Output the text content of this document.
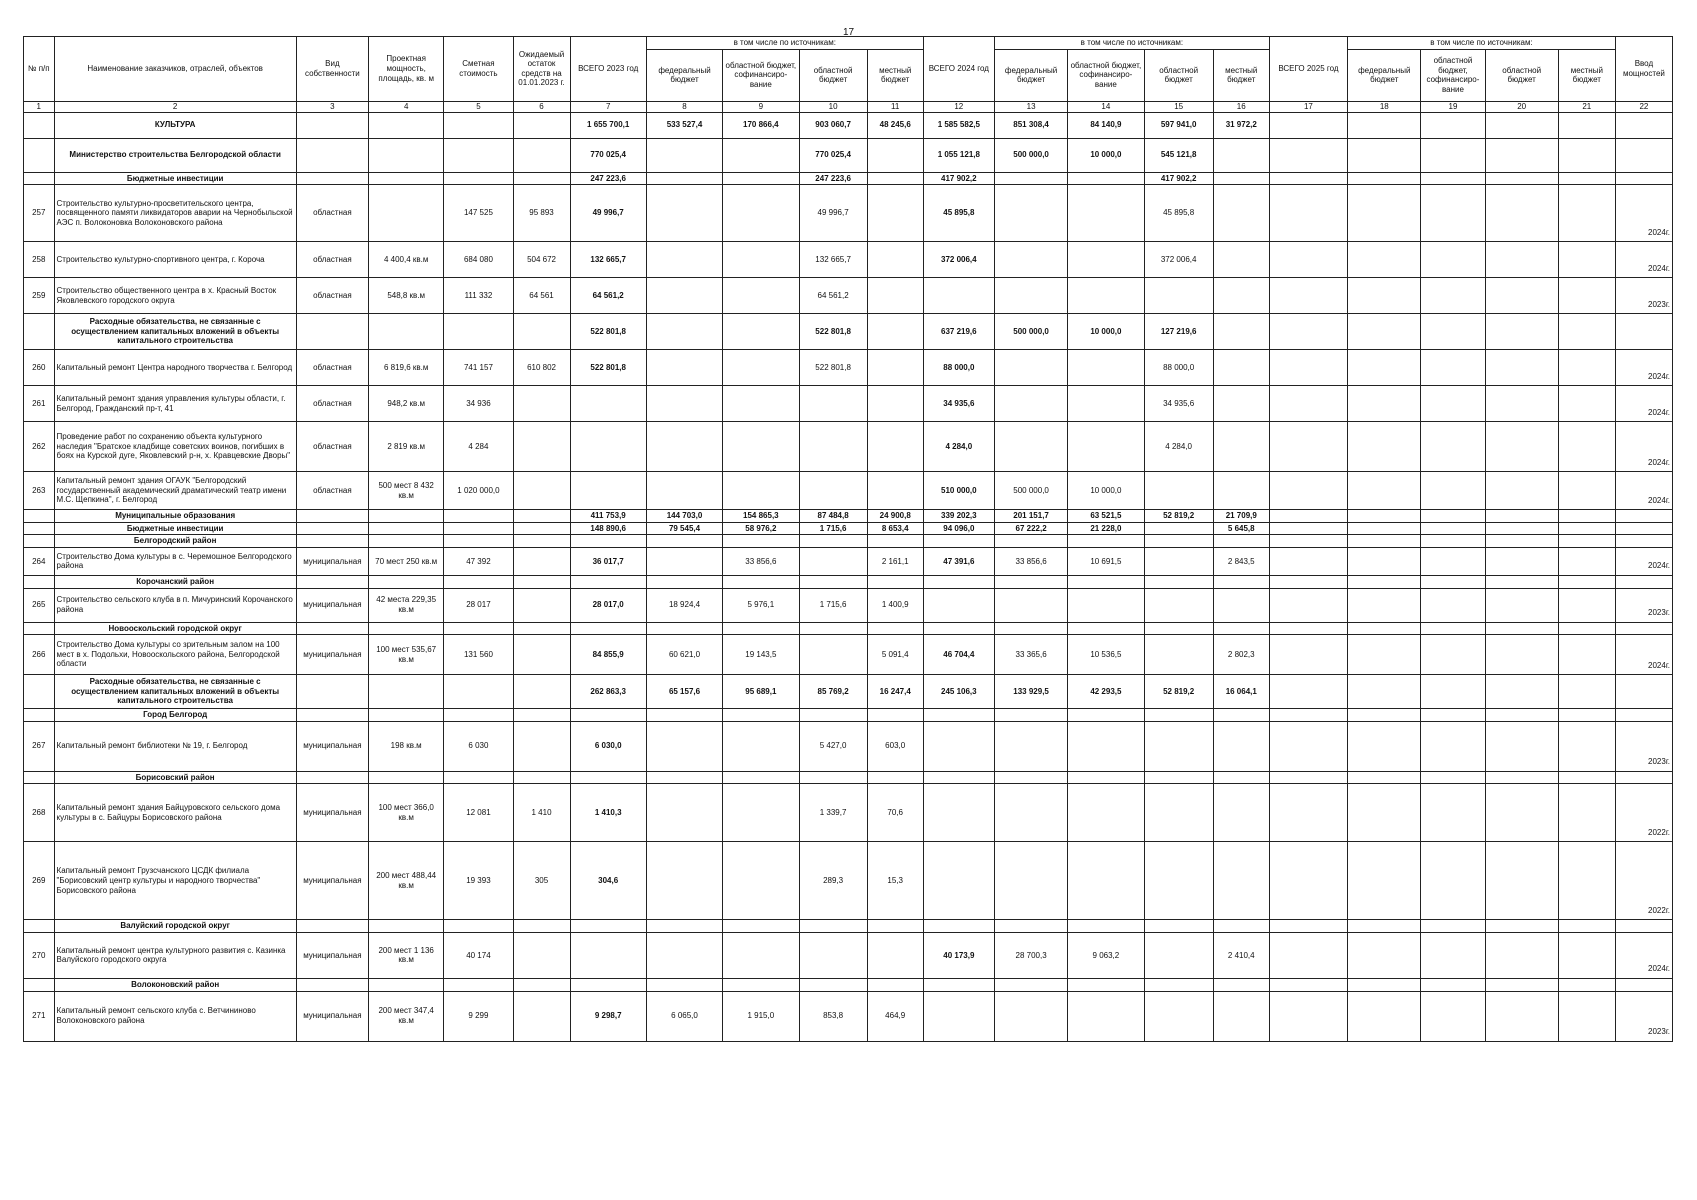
17
№ п/п	Наименование заказчиков, отраслей, объектов	Вид собственности	Проектная мощность, площадь, кв. м	Сметная стоимость	Ожидаемый остаток средств на 01.01.2023 г.	ВСЕГО 2023 год	в том числе по источникам:				ВСЕГО 2024 год	в том числе по источникам:				ВСЕГО 2025 год	в том числе по источникам:				Ввод мощностей
							федеральный бюджет	областной бюджет, софинансиро-вание	областной бюджет	местный бюджет		федеральный бюджет	областной бюджет, софинансиро-вание	областной бюджет	местный бюджет		федеральный бюджет	областной бюджет, софинансиро-вание	областной бюджет	местный бюджет	
1	2	3	4	5	6	7	8	9	10	11	12	13	14	15	16	17	18	19	20	21	22
	КУЛЬТУРА					1 655 700,1	533 527,4	170 866,4	903 060,7	48 245,6	1 585 582,5	851 308,4	84 140,9	597 941,0	31 972,2						
	Министерство строительства Белгородской области					770 025,4			770 025,4		1 055 121,8	500 000,0	10 000,0	545 121,8							
	Бюджетные инвестиции					247 223,6			247 223,6		417 902,2			417 902,2							
257	Строительство культурно-просветительского центра, посвященного памяти ликвидаторов аварии на Чернобыльской АЭС п. Волоконовка Волоконовского района	областная		147 525	95 893	49 996,7			49 996,7		45 895,8			45 895,8							2024г.
258	Строительство культурно-спортивного центра, г. Короча	областная	4 400,4 кв.м	684 080	504 672	132 665,7			132 665,7		372 006,4			372 006,4							2024г.
259	Строительство общественного центра в х. Красный Восток Яковлевского городского округа	областная	548,8 кв.м	111 332	64 561	64 561,2			64 561,2												2023г.
	Расходные обязательства, не связанные с осуществлением капитальных вложений в объекты капитального строительства					522 801,8			522 801,8		637 219,6	500 000,0	10 000,0	127 219,6							
260	Капитальный ремонт Центра народного творчества г. Белгород	областная	6 819,6 кв.м	741 157	610 802	522 801,8			522 801,8		88 000,0			88 000,0							2024г.
261	Капитальный ремонт здания управления культуры области, г. Белгород, Гражданский пр-т, 41	областная	948,2 кв.м	34 936							34 935,6			34 935,6							2024г.
262	Проведение работ по сохранению объекта культурного наследия "Братское кладбище советских воинов, погибших в боях на Курской дуге, Яковлевский р-н, х. Кравцевские Дворы"	областная	2 819 кв.м	4 284							4 284,0			4 284,0							2024г.
263	Капитальный ремонт здания ОГАУК "Белгородский государственный академический драматический театр имени М.С. Щепкина", г. Белгород	областная	500 мест 8 432 кв.м	1 020 000,0							510 000,0	500 000,0	10 000,0								2024г.
	Муниципальные образования					411 753,9	144 703,0	154 865,3	87 484,8	24 900,8	339 202,3	201 151,7	63 521,5	52 819,2	21 709,9						
	Бюджетные инвестиции					148 890,6	79 545,4	58 976,2	1 715,6	8 653,4	94 096,0	67 222,2	21 228,0		5 645,8						
	Белгородский район																				
264	Строительство Дома культуры в с. Черемошное Белгородского района	муниципальная	70 мест 250 кв.м	47 392		36 017,7		33 856,6		2 161,1	47 391,6	33 856,6	10 691,5		2 843,5						2024г.
	Корочанский район																				
265	Строительство сельского клуба в п. Мичуринский Корочанского района	муниципальная	42 места 229,35 кв.м	28 017		28 017,0	18 924,4	5 976,1	1 715,6	1 400,9											2023г.
	Новооскольский городской округ																				
266	Строительство Дома культуры со зрительным залом на 100 мест в х. Подольхи, Новооскольского района, Белгородской области	муниципальная	100 мест 535,67 кв.м	131 560		84 855,9	60 621,0	19 143,5		5 091,4	46 704,4	33 365,6	10 536,5		2 802,3						2024г.
	Расходные обязательства, не связанные с осуществлением капитальных вложений в объекты капитального строительства					262 863,3	65 157,6	95 689,1	85 769,2	16 247,4	245 106,3	133 929,5	42 293,5	52 819,2	16 064,1						
	Город Белгород																				
267	Капитальный ремонт библиотеки № 19, г. Белгород	муниципальная	198 кв.м	6 030		6 030,0			5 427,0	603,0											2023г.
	Борисовский район																				
268	Капитальный ремонт здания Байцуровского сельского дома культуры в с. Байцуры Борисовского района	муниципальная	100 мест 366,0 кв.м	12 081	1 410	1 410,3			1 339,7	70,6											2022г.
269	Капитальный ремонт Грузсчанского ЦСДК филиала "Борисовский центр культуры и народного творчества" Борисовского района	муниципальная	200 мест 488,44 кв.м	19 393	305	304,6			289,3	15,3											2022г.
	Валуйский городской округ																				
270	Капитальный ремонт центра культурного развития с. Казинка Валуйского городского округа	муниципальная	200 мест 1 136 кв.м	40 174							40 173,9	28 700,3	9 063,2		2 410,4						2024г.
	Волоконовский район																				
271	Капитальный ремонт сельского клуба с. Ветчининово Волоконовского района	муниципальная	200 мест 347,4 кв.м	9 299		9 298,7	6 065,0	1 915,0	853,8	464,9											2023г.
